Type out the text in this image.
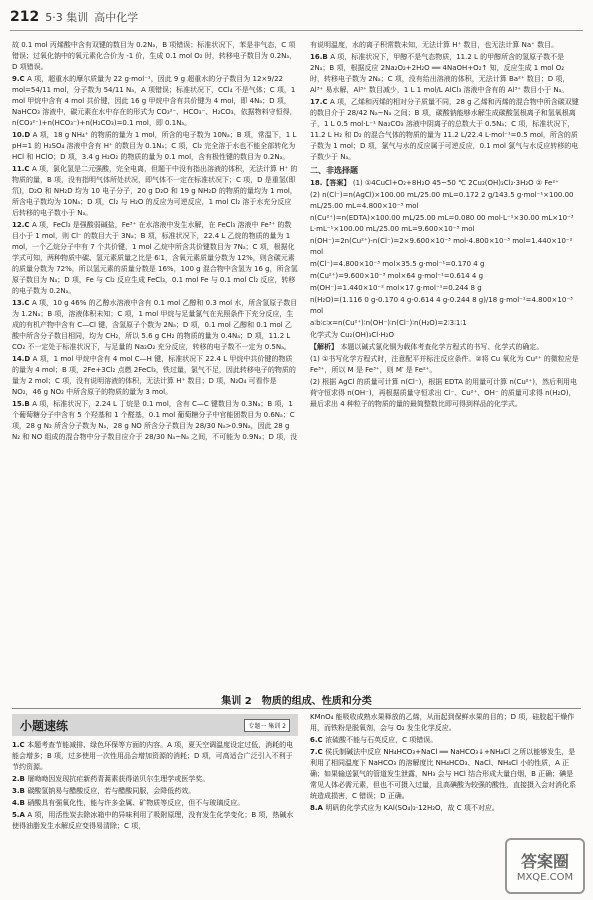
212 5·3 集训 高中化学

故 0.1 mol 丙烯酸中含有双键的数目为 0.2Nₐ，B 项错误；标准状况下，苯是非气态，C 项错误；过氧化钠中的氧元素化合价为 -1 价，生成 0.1 mol O₂ 时，转移电子数目为 0.2Nₐ，D 项错误。

9.C A 项，超重水的摩尔质量为 22 g·mol⁻¹，因此 9 g 超重水的分子数目为 12×9/22 mol=54/11 mol，分子数为 54/11 Nₐ，A 项错误；标准状况下，CCl₄ 不是气体；C 项，1 mol 甲烷中含有 4 mol 共价键，因此 16 g 甲烷中含有共价键为 4 mol，即 4Nₐ；D 项，NaHCO₃ 溶液中，碳元素在水中存在的形式为 CO₃²⁻、HCO₃⁻、H₂CO₃，依据物料守恒得，n(CO₃²⁻)+n(HCO₃⁻)+n(H₂CO₃)=0.1 mol，即 0.1Nₐ。

10.D A 项，18 g NH₄⁺ 的物质的量为 1 mol，所含的电子数为 10Nₐ；B 项，常温下，1 L pH=1 的 H₂SO₄ 溶液中含有 H⁺ 的数目为 0.1Nₐ；C 项，Cl₂ 完全溶于水也不能全部转化为 HCl 和 HClO；D 项，3.4 g H₂O₂ 的物质的量为 0.1 mol，含有极性键的数目为 0.2Nₐ。

11.C A 项，氯化氢是二元强酸，完全电离，但题干中没有指出溶液的体积，无法计算 H⁺ 的物质的量，B 项，没有指明气体所处状况，即气体不一定在标准状况下；C 项，D 是重氢(即氘)，D₂O 和 NH₂D 均为 10 电子分子，20 g D₂O 和 19 g NH₂D 的物质的量均为 1 mol，所含电子数均为 10Nₐ；D 项，Cl₂ 与 H₂O 的反应为可逆反应，1 mol Cl₂ 溶于水充分反应后转移的电子数小于 Nₐ。

12.C A 项，FeCl₃ 是强酸弱碱盐，Fe³⁺ 在水溶液中发生水解，在 FeCl₃ 溶液中 Fe³⁺ 的数目小于 1 mol，则 Cl⁻ 的数目大于 3Nₐ；B 项，标准状况下，22.4 L 乙烷的物质的量为 1 mol，一个乙烷分子中有 7 个共价键，1 mol 乙烷中所含共价键数目为 7Nₐ；C 项，根据化学式可知，两种物质中碳、氢元素质量之比是 6∶1，含氧元素质量分数为 12%，则含碳元素的质量分数为 72%，所以氢元素的质量分数是 16%，100 g 混合物中含氢为 16 g，所含氢原子数目为 Nₐ；D 项，Fe 与 Cl₂ 反应生成 FeCl₃，0.1 mol Fe 与 0.1 mol Cl₂ 反应，转移的电子数为 0.2Nₐ。

13.C A 项，10 g 46% 的乙醇水溶液中含有 0.1 mol 乙醇和 0.3 mol 水，所含氢原子数目为 1.2Nₐ；B 项，溶液体积未知；C 项，1 mol 甲烷与足量氯气在光照条件下充分反应，生成的有机产物中含有 C—Cl 键，含氢原子个数为 2Nₐ；D 项，0.1 mol 乙醇和 0.1 mol 乙酸中所含分子数目相同，均为 CH₂，所以 5.6 g CH₂ 的物质的量为 0.4Nₐ；D 项，11.2 L CO₂ 不一定处于标准状况下，与足量的 Na₂O₂ 充分反应，转移的电子数不一定为 0.5Nₐ。

14.D A 项，1 mol 甲烷中含有 4 mol C—H 键，标准状况下 22.4 L 甲烷中共价键的物质的量为 4 mol；B 项，2Fe+3Cl₂ 点燃 2FeCl₃，铁过量，氯气不足，因此转移电子的物质的量为 2 mol；C 项，没有说明溶液的体积，无法计算 H⁺ 数目；D 项，N₂O₄ 可看作是 NO₂，46 g NO₂ 中所含原子的物质的量为 3 mol。

15.B A 项，标准状况下，2.24 L 丁烷是 0.1 mol，含有 C—C 键数目为 0.3Nₐ；B 项，1 个葡萄糖分子中含有 5 个羟基和 1 个醛基，0.1 mol 葡萄糖分子中官能团数目为 0.6Nₐ；C 项，28 g N₂ 所含分子数为 Nₐ，28 g NO 所含分子数目为 28/30 Nₐ>0.9Nₐ，因此 28 g N₂ 和 NO 组成的混合物中分子数目应介于 28/30 Nₐ~Nₐ 之间，不可能为 0.9Nₐ；D 项，没

有说明温度，水的离子积常数未知，无法计算 H⁺ 数目，也无法计算 Na⁺ 数目。

16.B A 项，标准状况下，甲醇不是气态物质，11.2 L 的甲醇所含的氢原子数不是 2Nₐ；B 项，根据反应 2Na₂O₂+2H₂O ══ 4NaOH+O₂↑ 知，反应生成 1 mol O₂ 时，转移电子数为 2Nₐ；C 项，没有给出溶液的体积，无法计算 Ba²⁺ 数目；D 项，Al³⁺ 易水解，Al³⁺ 数目减少，1 L 1 mol/L AlCl₃ 溶液中含有的 Al³⁺ 数目小于 Nₐ。

17.C A 项，乙烯和丙烯的相对分子质量不同，28 g 乙烯和丙烯的混合物中所含碳双键的数目介于 28/42 Nₐ~Nₐ 之间；B 项，碳酸钠能够水解生成碳酸氢根离子和氢氧根离子，1 L 0.5 mol·L⁻¹ Na₂CO₃ 溶液中阴离子的总数大于 0.5Nₐ；C 项，标准状况下，11.2 L H₂ 和 D₂ 的混合气体的物质的量为 11.2 L/22.4 L·mol⁻¹=0.5 mol，所含的质子数为 1 mol；D 项，氯气与水的反应属于可逆反应，0.1 mol 氯气与水反应转移的电子数少于 Nₐ。

二、非选择题

18.【答案】 (1) ①4CuCl+O₂+8H₂O 45~50 ℃ 2Cu₂(OH)₂Cl₂·3H₂O ② Fe²⁺

(2) n(Cl⁻)=n(AgCl)×100.00 mL/25.00 mL=0.172 2 g/143.5 g·mol⁻¹×100.00 mL/25.00 mL=4.800×10⁻³ mol

n(Cu²⁺)=n(EDTA)×100.00 mL/25.00 mL=0.080 00 mol·L⁻¹×30.00 mL×10⁻³ L·mL⁻¹×100.00 mL/25.00 mL=9.600×10⁻³ mol

n(OH⁻)=2n(Cu²⁺)-n(Cl⁻)=2×9.600×10⁻³ mol-4.800×10⁻³ mol=1.440×10⁻² mol

m(Cl⁻)=4.800×10⁻³ mol×35.5 g·mol⁻¹=0.170 4 g

m(Cu²⁺)=9.600×10⁻³ mol×64 g·mol⁻¹=0.614 4 g

m(OH⁻)=1.440×10⁻² mol×17 g·mol⁻¹=0.244 8 g

n(H₂O)=(1.116 0 g-0.170 4 g-0.614 4 g-0.244 8 g)/18 g·mol⁻¹=4.800×10⁻³ mol

a∶b∶c∶x=n(Cu²⁺)∶n(OH⁻)∶n(Cl⁻)∶n(H₂O)=2∶3∶1∶1

化学式为 Cu₂(OH)₃Cl·H₂O

【解析】 本题以碱式氯化铜为载体考查化学方程式的书写、化学式的确定。

(1) ①书写化学方程式时，注意配平并标注反应条件。②将 Cu 氧化为 Cu²⁺ 的微粒应是 Fe³⁺，所以 M 是 Fe³⁺，则 M′ 是 Fe²⁺。

(2) 根据 AgCl 的质量可计算 n(Cl⁻)，根据 EDTA 的用量可计算 n(Cu²⁺)，然后利用电荷守恒求得 n(OH⁻)，再根据质量守恒求出 Cl⁻、Cu²⁺、OH⁻ 的质量可求得 n(H₂O)，最后求出 4 种粒子的物质的量的最简整数比即可得到样品的化学式。

集训 2　物质的组成、性质和分类
小题速练	专题一 集训 2

1.C 本题考查节能减排、绿色环保等方面的内容。A 项，夏天空调温度设定过低，消耗的电能会增多；B 项，过多使用一次性用品会增加资源的消耗；D 项，可高适合广泛引入不利于节约资源。

2.B 屠呦呦因发现抗疟新药青蒿素获得诺贝尔生理学或医学奖。

3.B 碳酸氢钠易与醋酸反应，若与醋酸同服，会降低药效。

4.B 硝酸具有强氧化性，能与许多金属、矿物质等反应，但不与玻璃反应。

5.A A 项，用活性炭去除冰箱中的异味利用了吸附原理，没有发生化学变化；B 项，热碱水使得油脂发生水解反应变得易清除；C 项，

KMnO₄ 能吸收成熟水果释放的乙烯，从而起到保鲜水果的目的；D 项，硅胶起干燥作用，而铁粉是脱氧剂，会与 O₂ 发生化学反应。

6.C 浓硫酸不能与石英反应，C 项错误。

7.C 侯氏制碱法中反应 NH₄HCO₃+NaCl ══ NaHCO₃↓+NH₄Cl 之所以能够发生，是利用了相同温度下 NaHCO₃ 的溶解度比 NH₄HCO₃、NaCl、NH₄Cl 小的性质，A 正确；如果输送氯气的管道发生泄露，NH₃ 会与 HCl 结合形成大量白烟，B 正确；碘是常见人体必需元素，但也不可摄入过量，且高碘酸为较强的酸性，直接摄入会对消化系统造成损害，C 错误；D 正确。

8.A 明矾的化学式应为 KAl(SO₄)₂·12H₂O，故 C 项不对应。

答案圈
MXQE.COM
